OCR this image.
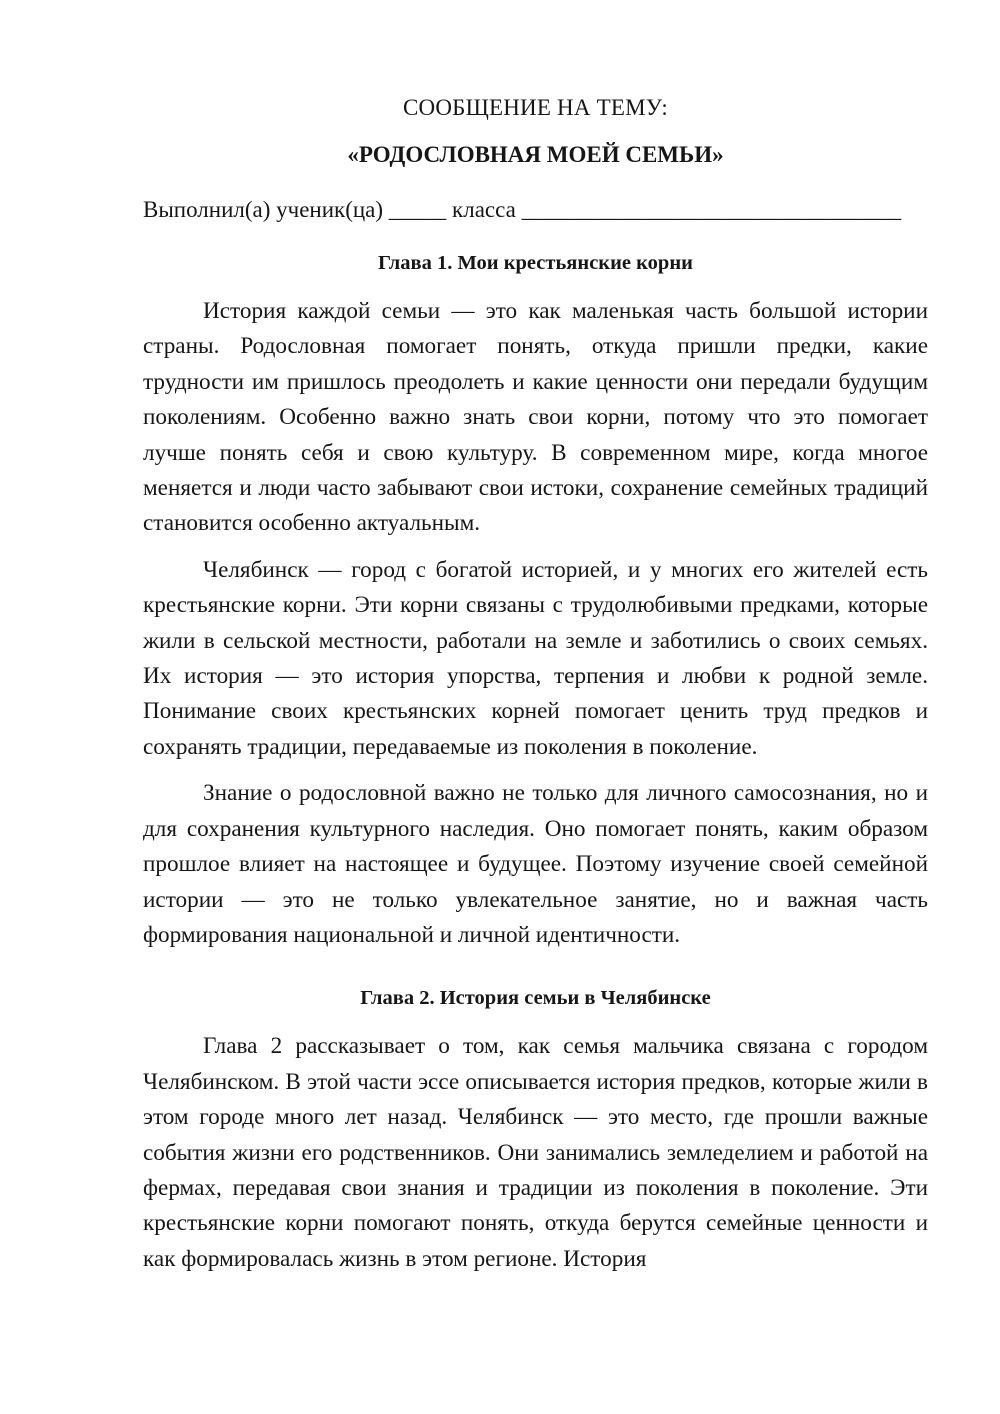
СООБЩЕНИЕ НА ТЕМУ:
«РОДОСЛОВНАЯ МОЕЙ СЕМЬИ»
Выполнил(а) ученик(ца) _____ класса _________________________________
Глава 1. Мои крестьянские корни

История каждой семьи — это как маленькая часть большой истории страны. Родословная помогает понять, откуда пришли предки, какие трудности им пришлось преодолеть и какие ценности они передали будущим поколениям. Особенно важно знать свои корни, потому что это помогает лучше понять себя и свою культуру. В современном мире, когда многое меняется и люди часто забывают свои истоки, сохранение семейных традиций становится особенно актуальным.

Челябинск — город с богатой историей, и у многих его жителей есть крестьянские корни. Эти корни связаны с трудолюбивыми предками, которые жили в сельской местности, работали на земле и заботились о своих семьях. Их история — это история упорства, терпения и любви к родной земле. Понимание своих крестьянских корней помогает ценить труд предков и сохранять традиции, передаваемые из поколения в поколение.

Знание о родословной важно не только для личного самосознания, но и для сохранения культурного наследия. Оно помогает понять, каким образом прошлое влияет на настоящее и будущее. Поэтому изучение своей семейной истории — это не только увлекательное занятие, но и важная часть формирования национальной и личной идентичности.

Глава 2. История семьи в Челябинске

Глава 2 рассказывает о том, как семья мальчика связана с городом Челябинском. В этой части эссе описывается история предков, которые жили в этом городе много лет назад. Челябинск — это место, где прошли важные события жизни его родственников. Они занимались земледелием и работой на фермах, передавая свои знания и традиции из поколения в поколение. Эти крестьянские корни помогают понять, откуда берутся семейные ценности и как формировалась жизнь в этом регионе. История
